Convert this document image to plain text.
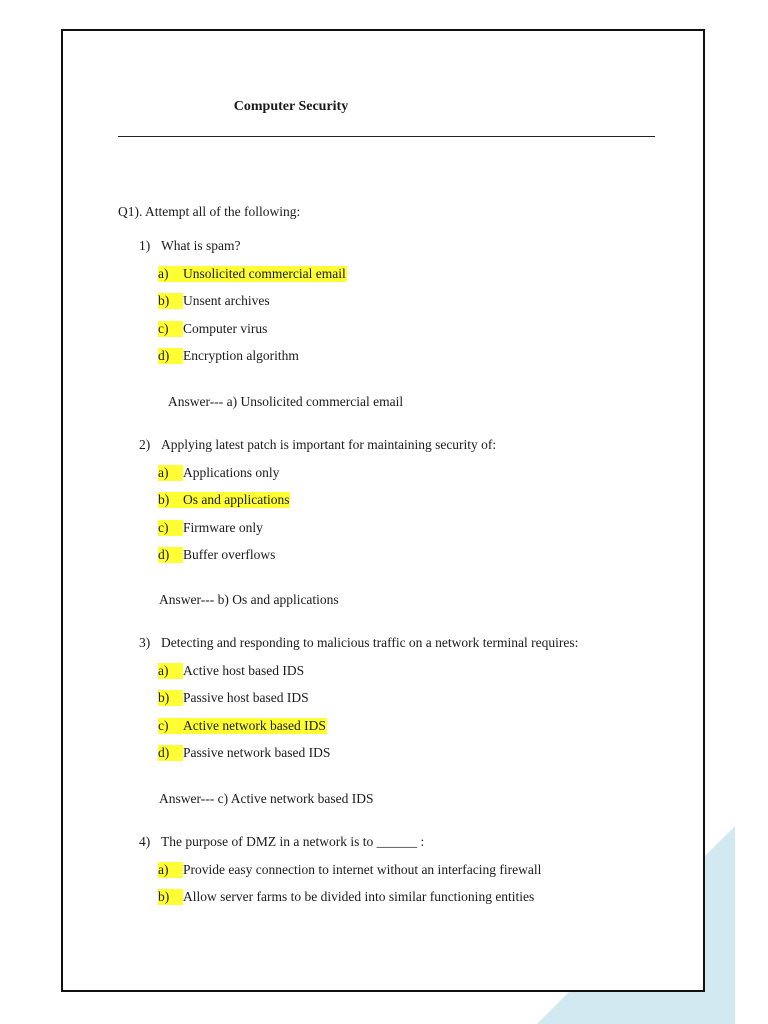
Computer Security
Q1). Attempt all of the following:
1) What is spam?
a)	Unsolicited commercial email
b)	Unsent archives
c)	Computer virus
d)	Encryption algorithm
Answer--- a) Unsolicited commercial email
2) Applying latest patch is important for maintaining security of:
a)	Applications only
b)	Os and applications
c)	Firmware only
d)	Buffer overflows
Answer--- b) Os and applications
3) Detecting and responding to malicious traffic on a network terminal requires:
a)	Active host based IDS
b)	Passive host based IDS
c)	Active network based IDS
d)	Passive network based IDS
Answer--- c) Active network based IDS
4) The purpose of DMZ in a network is to ______ :
a)	Provide easy connection to internet without an interfacing firewall
b)	Allow server farms to be divided into similar functioning entities
